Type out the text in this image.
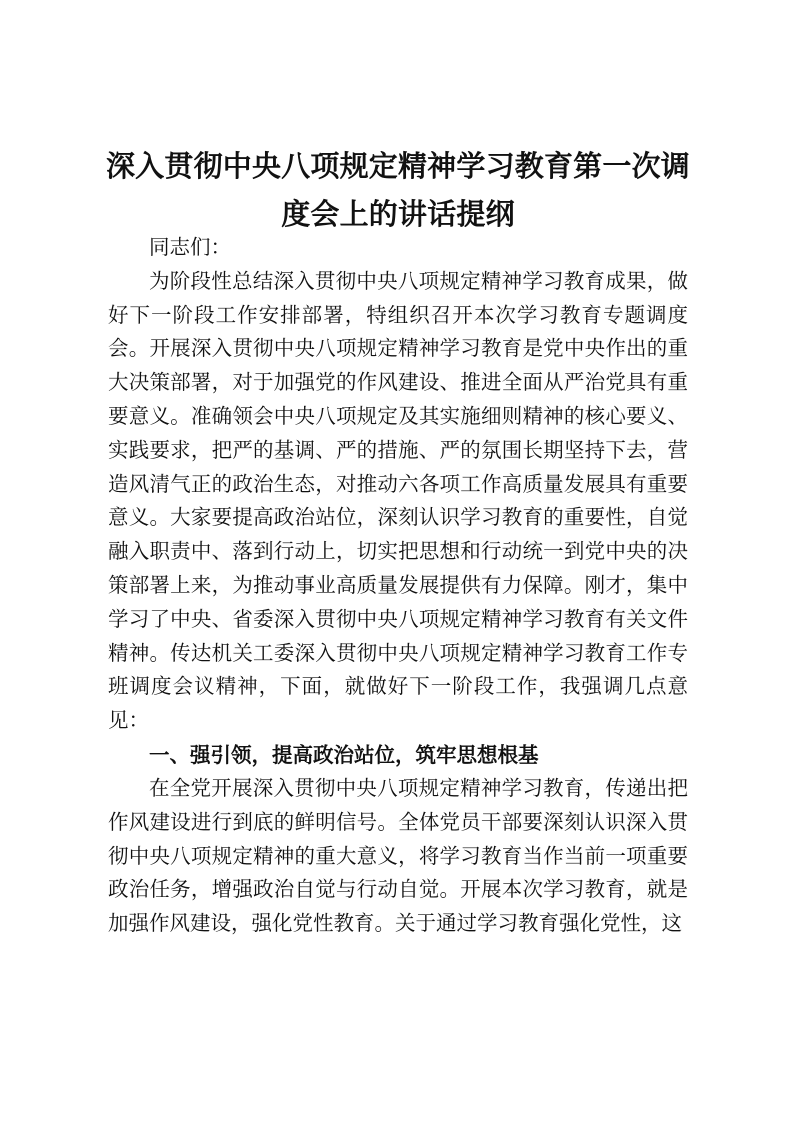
深入贯彻中央八项规定精神学习教育第一次调度会上的讲话提纲

同志们：

为阶段性总结深入贯彻中央八项规定精神学习教育成果，做好下一阶段工作安排部署，特组织召开本次学习教育专题调度会。开展深入贯彻中央八项规定精神学习教育是党中央作出的重大决策部署，对于加强党的作风建设、推进全面从严治党具有重要意义。准确领会中央八项规定及其实施细则精神的核心要义、实践要求，把严的基调、严的措施、严的氛围长期坚持下去，营造风清气正的政治生态，对推动六各项工作高质量发展具有重要意义。大家要提高政治站位，深刻认识学习教育的重要性，自觉融入职责中、落到行动上，切实把思想和行动统一到党中央的决策部署上来，为推动事业高质量发展提供有力保障。刚才，集中学习了中央、省委深入贯彻中央八项规定精神学习教育有关文件精神。传达机关工委深入贯彻中央八项规定精神学习教育工作专班调度会议精神，下面，就做好下一阶段工作，我强调几点意见：

一、强引领，提高政治站位，筑牢思想根基

在全党开展深入贯彻中央八项规定精神学习教育，传递出把作风建设进行到底的鲜明信号。全体党员干部要深刻认识深入贯彻中央八项规定精神的重大意义，将学习教育当作当前一项重要政治任务，增强政治自觉与行动自觉。开展本次学习教育，就是加强作风建设，强化党性教育。关于通过学习教育强化党性，这
